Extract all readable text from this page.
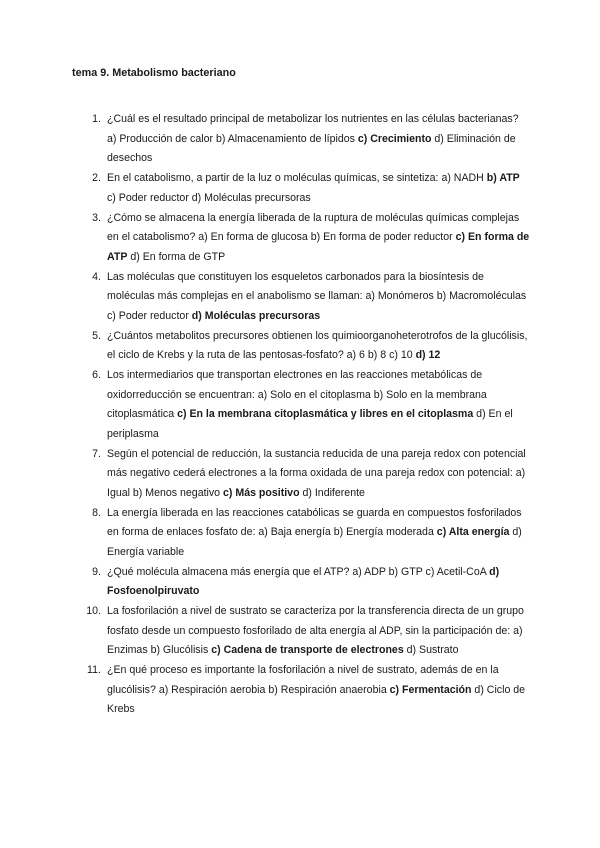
tema 9. Metabolismo bacteriano

1. ¿Cuál es el resultado principal de metabolizar los nutrientes en las células bacterianas? a) Producción de calor b) Almacenamiento de lípidos c) Crecimiento d) Eliminación de desechos
2. En el catabolismo, a partir de la luz o moléculas químicas, se sintetiza: a) NADH b) ATP c) Poder reductor d) Moléculas precursoras
3. ¿Cómo se almacena la energía liberada de la ruptura de moléculas químicas complejas en el catabolismo? a) En forma de glucosa b) En forma de poder reductor c) En forma de ATP d) En forma de GTP
4. Las moléculas que constituyen los esqueletos carbonados para la biosíntesis de moléculas más complejas en el anabolismo se llaman: a) Monómeros b) Macromoléculas c) Poder reductor d) Moléculas precursoras
5. ¿Cuántos metabolitos precursores obtienen los quimioorganoheterotrofos de la glucólisis, el ciclo de Krebs y la ruta de las pentosas-fosfato? a) 6 b) 8 c) 10 d) 12
6. Los intermediarios que transportan electrones en las reacciones metabólicas de oxidorreducción se encuentran: a) Solo en el citoplasma b) Solo en la membrana citoplasmática c) En la membrana citoplasmática y libres en el citoplasma d) En el periplasma
7. Según el potencial de reducción, la sustancia reducida de una pareja redox con potencial más negativo cederá electrones a la forma oxidada de una pareja redox con potencial: a) Igual b) Menos negativo c) Más positivo d) Indiferente
8. La energía liberada en las reacciones catabólicas se guarda en compuestos fosforilados en forma de enlaces fosfato de: a) Baja energía b) Energía moderada c) Alta energía d) Energía variable
9. ¿Qué molécula almacena más energía que el ATP? a) ADP b) GTP c) Acetil-CoA d) Fosfoenolpiruvato
10. La fosforilación a nivel de sustrato se caracteriza por la transferencia directa de un grupo fosfato desde un compuesto fosforilado de alta energía al ADP, sin la participación de: a) Enzimas b) Glucólisis c) Cadena de transporte de electrones d) Sustrato
11. ¿En qué proceso es importante la fosforilación a nivel de sustrato, además de en la glucólisis? a) Respiración aerobia b) Respiración anaerobia c) Fermentación d) Ciclo de Krebs
